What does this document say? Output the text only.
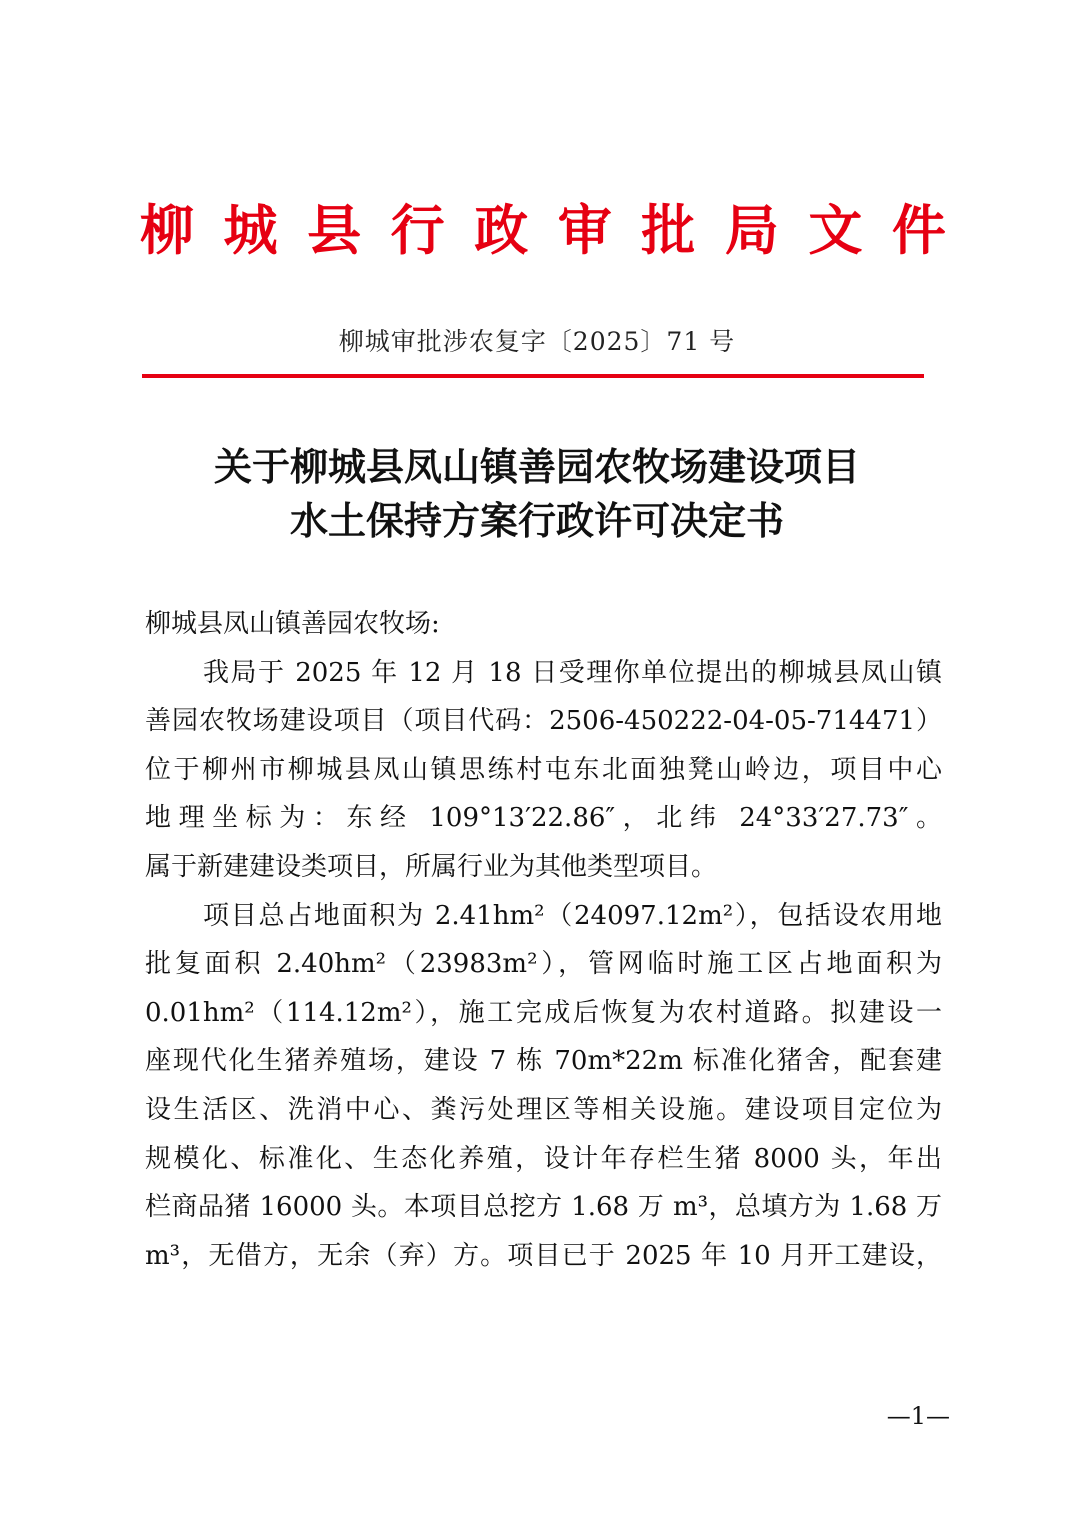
柳 城 县 行 政 审 批 局 文 件
柳城审批涉农复字〔2025〕71 号
关于柳城县凤山镇善园农牧场建设项目
水土保持方案行政许可决定书

柳城县凤山镇善园农牧场:

我局于 2025 年 12 月 18 日受理你单位提出的柳城县凤山镇

善园农牧场建设项目（项目代码：2506-450222-04-05-714471）

位于柳州市柳城县凤山镇思练村屯东北面独凳山岭边，项目中心

地理坐标为：东经 109°13′22.86″，北纬 24°33′27.73″。

属于新建建设类项目，所属行业为其他类型项目。

项目总占地面积为 2.41hm²（24097.12m²），包括设农用地

批复面积 2.40hm²（23983m²），管网临时施工区占地面积为

0.01hm²（114.12m²），施工完成后恢复为农村道路。拟建设一

座现代化生猪养殖场，建设 7 栋 70m*22m 标准化猪舍，配套建

设生活区、洗消中心、粪污处理区等相关设施。建设项目定位为

规模化、标准化、生态化养殖，设计年存栏生猪 8000 头，年出

栏商品猪 16000 头。本项目总挖方 1.68 万 m³，总填方为 1.68 万

m³，无借方，无余（弃）方。项目已于 2025 年 10 月开工建设，

—1—
